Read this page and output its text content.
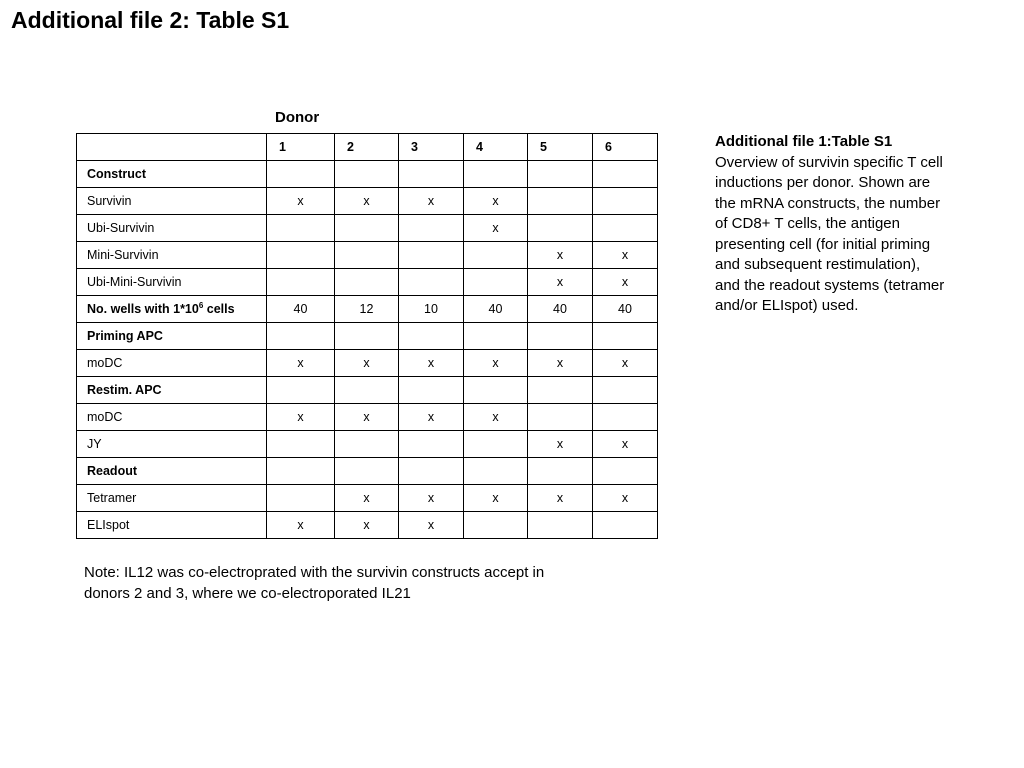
Additional file 2: Table S1
Donor
	1	2	3	4	5	6
Construct						
Survivin	x	x	x	x		
Ubi-Survivin				x		
Mini-Survivin					x	x
Ubi-Mini-Survivin					x	x
No. wells with $1*10^6$ cells	40	12	10	40	40	40
Priming APC						
moDC	x	x	x	x	x	x
Restim. APC						
moDC	x	x	x	x		
JY					x	x
Readout						
Tetramer		x	x	x	x	x
ELIspot	x	x	x			
Additional file 1:Table S1
Overview of survivin specific T cell inductions per donor. Shown are the mRNA constructs, the number of CD8+ T cells, the antigen presenting cell (for initial priming and subsequent restimulation), and the readout systems (tetramer and/or ELIspot) used.
Note: IL12 was co-electroprated with the survivin constructs accept in donors 2 and 3, where we co-electroporated IL21
